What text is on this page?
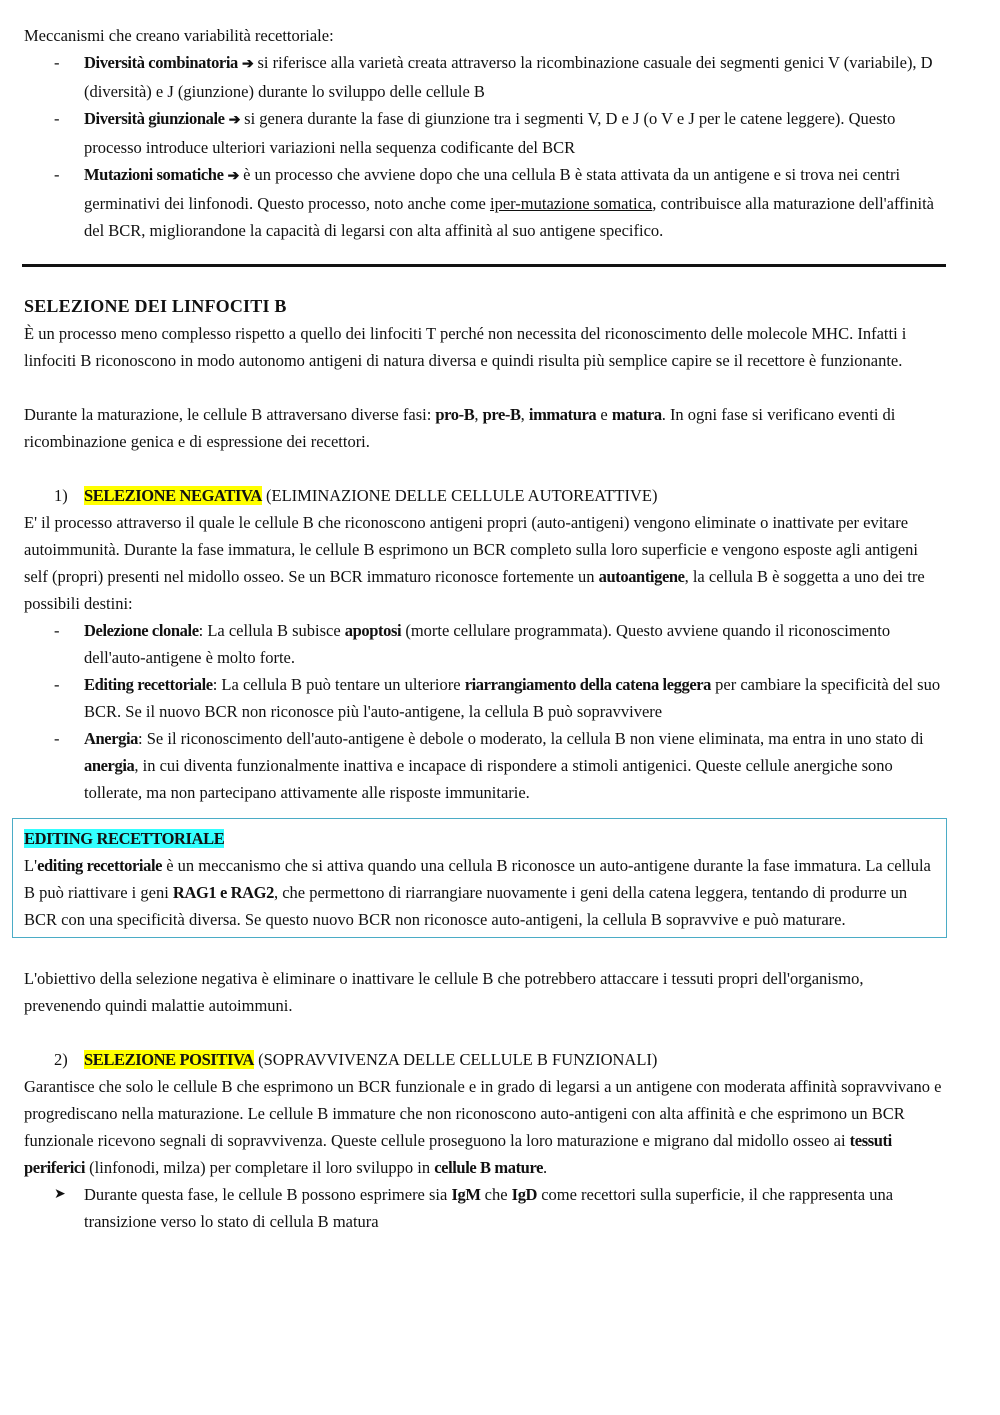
Meccanismi che creano variabilità recettoriale:

- Diversità combinatoria ➔ si riferisce alla varietà creata attraverso la ricombinazione casuale dei segmenti genici V (variabile), D (diversità) e J (giunzione) durante lo sviluppo delle cellule B
- Diversità giunzionale ➔ si genera durante la fase di giunzione tra i segmenti V, D e J (o V e J per le catene leggere). Questo processo introduce ulteriori variazioni nella sequenza codificante del BCR
- Mutazioni somatiche ➔ è un processo che avviene dopo che una cellula B è stata attivata da un antigene e si trova nei centri germinativi dei linfonodi. Questo processo, noto anche come iper-mutazione somatica, contribuisce alla maturazione dell'affinità del BCR, migliorandone la capacità di legarsi con alta affinità al suo antigene specifico.

SELEZIONE DEI LINFOCITI B

È un processo meno complesso rispetto a quello dei linfociti T perché non necessita del riconoscimento delle molecole MHC. Infatti i linfociti B riconoscono in modo autonomo antigeni di natura diversa e quindi risulta più semplice capire se il recettore è funzionante.

Durante la maturazione, le cellule B attraversano diverse fasi: pro-B, pre-B, immatura e matura. In ogni fase si verificano eventi di ricombinazione genica e di espressione dei recettori.

1) SELEZIONE NEGATIVA (ELIMINAZIONE DELLE CELLULE AUTOREATTIVE)

E' il processo attraverso il quale le cellule B che riconoscono antigeni propri (auto-antigeni) vengono eliminate o inattivate per evitare autoimmunità. Durante la fase immatura, le cellule B esprimono un BCR completo sulla loro superficie e vengono esposte agli antigeni self (propri) presenti nel midollo osseo. Se un BCR immaturo riconosce fortemente un autoantigene, la cellula B è soggetta a uno dei tre possibili destini:

- Delezione clonale: La cellula B subisce apoptosi (morte cellulare programmata). Questo avviene quando il riconoscimento dell'auto-antigene è molto forte.
- Editing recettoriale: La cellula B può tentare un ulteriore riarrangiamento della catena leggera per cambiare la specificità del suo BCR. Se il nuovo BCR non riconosce più l'auto-antigene, la cellula B può sopravvivere
- Anergia: Se il riconoscimento dell'auto-antigene è debole o moderato, la cellula B non viene eliminata, ma entra in uno stato di anergia, in cui diventa funzionalmente inattiva e incapace di rispondere a stimoli antigenici. Queste cellule anergiche sono tollerate, ma non partecipano attivamente alle risposte immunitarie.

EDITING RECETTORIALE

L'editing recettoriale è un meccanismo che si attiva quando una cellula B riconosce un auto-antigene durante la fase immatura. La cellula B può riattivare i geni RAG1 e RAG2, che permettono di riarrangiare nuovamente i geni della catena leggera, tentando di produrre un BCR con una specificità diversa. Se questo nuovo BCR non riconosce auto-antigeni, la cellula B sopravvive e può maturare.

L'obiettivo della selezione negativa è eliminare o inattivare le cellule B che potrebbero attaccare i tessuti propri dell'organismo, prevenendo quindi malattie autoimmuni.

2) SELEZIONE POSITIVA (SOPRAVVIVENZA DELLE CELLULE B FUNZIONALI)

Garantisce che solo le cellule B che esprimono un BCR funzionale e in grado di legarsi a un antigene con moderata affinità sopravvivano e progrediscano nella maturazione. Le cellule B immature che non riconoscono auto-antigeni con alta affinità e che esprimono un BCR funzionale ricevono segnali di sopravvivenza. Queste cellule proseguono la loro maturazione e migrano dal midollo osseo ai tessuti periferici (linfonodi, milza) per completare il loro sviluppo in cellule B mature.

➤ Durante questa fase, le cellule B possono esprimere sia IgM che IgD come recettori sulla superficie, il che rappresenta una transizione verso lo stato di cellula B matura
